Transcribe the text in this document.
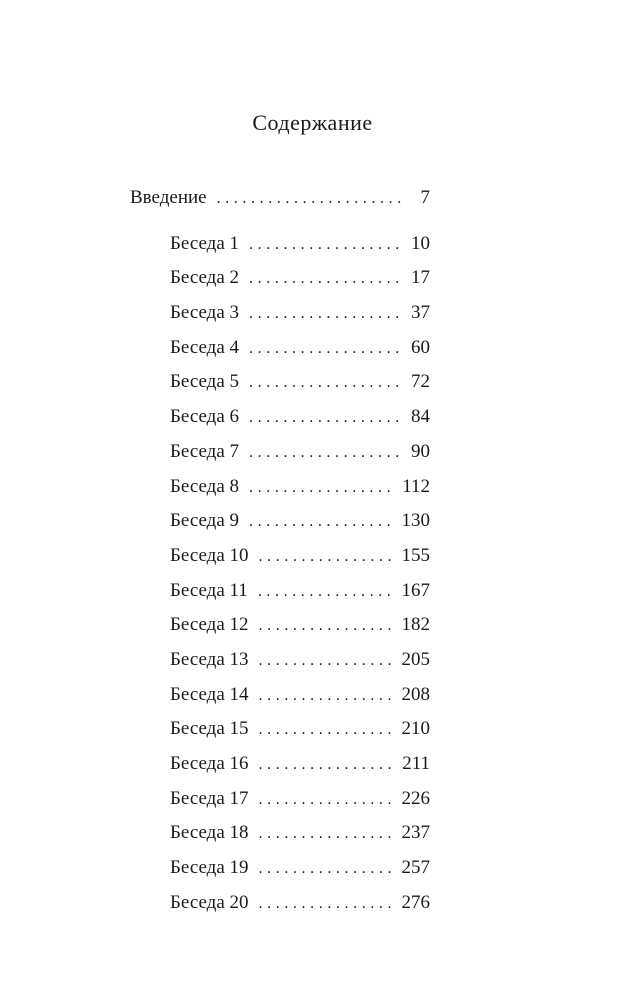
Содержание
Введение . . .	7
Беседа 1 . . .	10
Беседа 2 . . .	17
Беседа 3 . . .	37
Беседа 4 . . .	60
Беседа 5 . . .	72
Беседа 6 . . .	84
Беседа 7 . . .	90
Беседа 8 . . .	112
Беседа 9 . . .	130
Беседа 10 . . .	155
Беседа 11 . . .	167
Беседа 12 . . .	182
Беседа 13 . . .	205
Беседа 14 . . .	208
Беседа 15 . . .	210
Беседа 16 . . .	211
Беседа 17 . . .	226
Беседа 18 . . .	237
Беседа 19 . . .	257
Беседа 20 . . .	276
